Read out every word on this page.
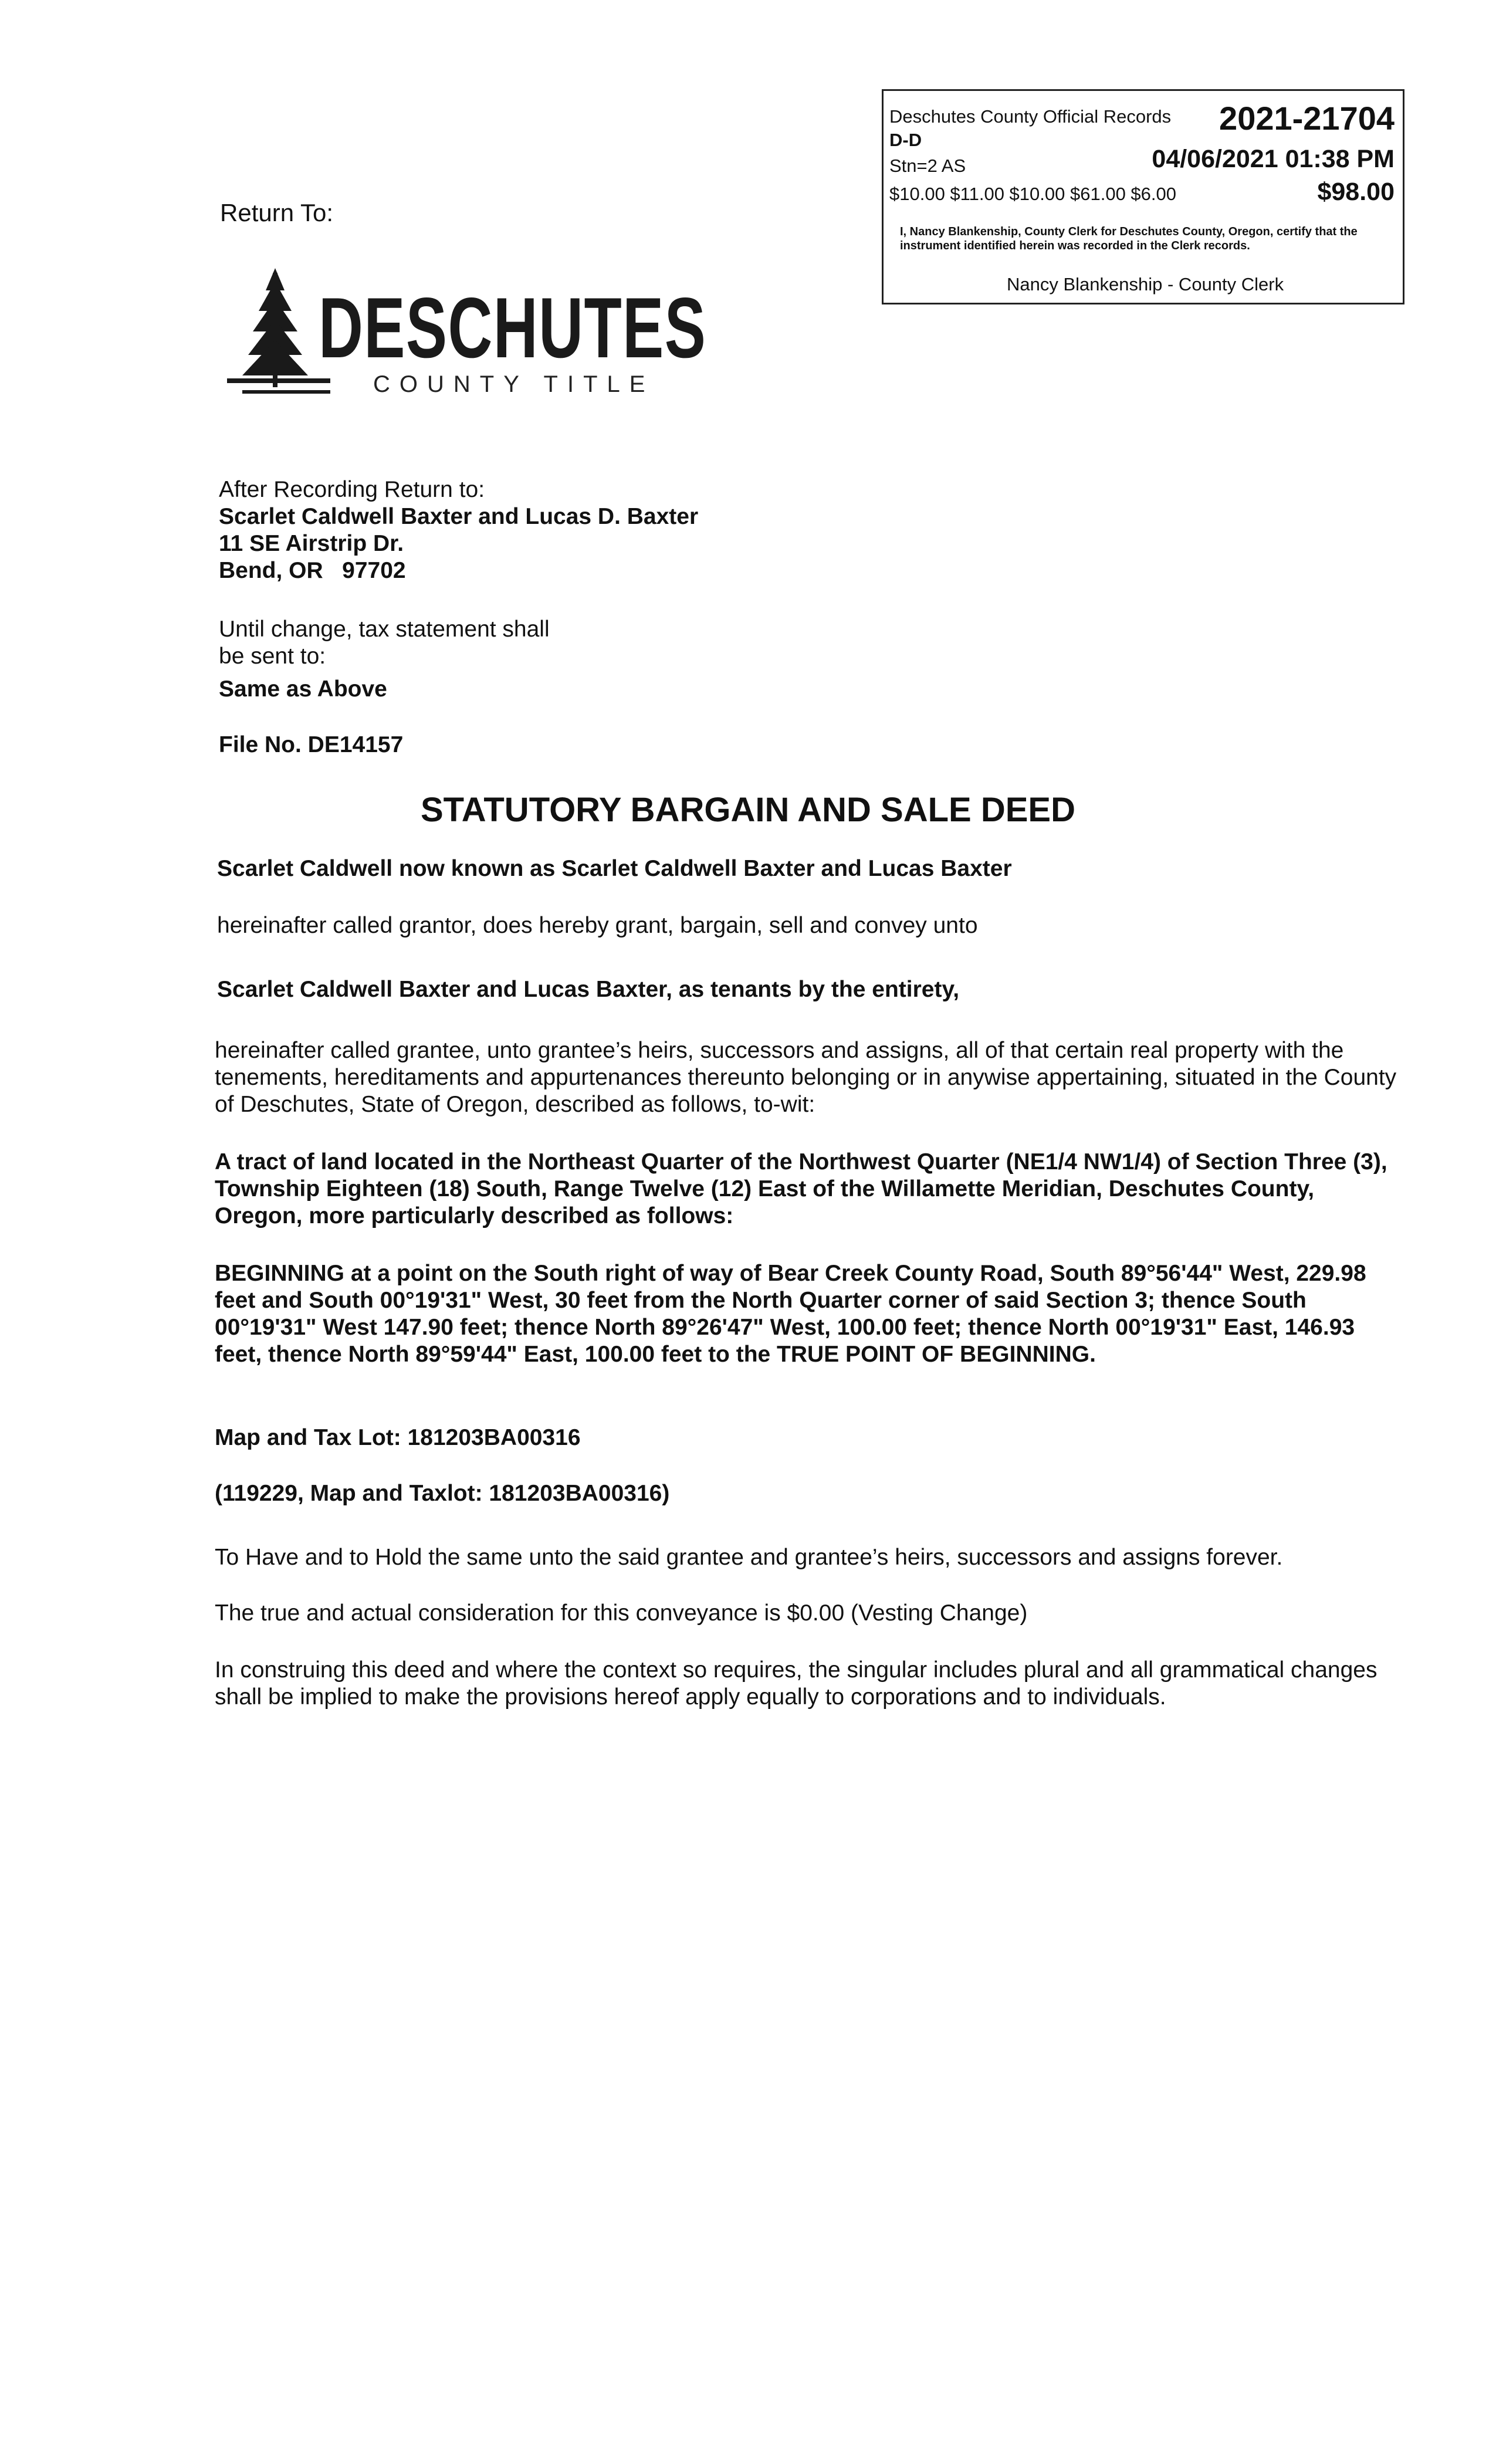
Deschutes County Official Records 2021-21704
D-D
Stn=2 AS	04/06/2021 01:38 PM
$10.00 $11.00 $10.00 $61.00 $6.00	$98.00
I, Nancy Blankenship, County Clerk for Deschutes County, Oregon, certify that the instrument identified herein was recorded in the Clerk records.
Nancy Blankenship - County Clerk
Return To:
DESCHUTES
COUNTY TITLE
After Recording Return to:
Scarlet Caldwell Baxter and Lucas D. Baxter
11 SE Airstrip Dr.
Bend, OR   97702
Until change, tax statement shall
be sent to:
Same as Above
File No. DE14157
STATUTORY BARGAIN AND SALE DEED
Scarlet Caldwell now known as Scarlet Caldwell Baxter and Lucas Baxter
hereinafter called grantor, does hereby grant, bargain, sell and convey unto
Scarlet Caldwell Baxter and Lucas Baxter, as tenants by the entirety,
hereinafter called grantee, unto grantee’s heirs, successors and assigns, all of that certain real property with the tenements, hereditaments and appurtenances thereunto belonging or in anywise appertaining, situated in the County of Deschutes, State of Oregon, described as follows, to-wit:
A tract of land located in the Northeast Quarter of the Northwest Quarter (NE1/4 NW1/4) of Section Three (3), Township Eighteen (18) South, Range Twelve (12) East of the Willamette Meridian, Deschutes County, Oregon, more particularly described as follows:
BEGINNING at a point on the South right of way of Bear Creek County Road, South 89°56'44" West, 229.98 feet and South 00°19'31" West, 30 feet from the North Quarter corner of said Section 3; thence South 00°19'31" West 147.90 feet; thence North 89°26'47" West, 100.00 feet; thence North 00°19'31" East, 146.93 feet, thence North 89°59'44" East, 100.00 feet to the TRUE POINT OF BEGINNING.
Map and Tax Lot: 181203BA00316
(119229, Map and Taxlot: 181203BA00316)
To Have and to Hold the same unto the said grantee and grantee’s heirs, successors and assigns forever.
The true and actual consideration for this conveyance is $0.00 (Vesting Change)
In construing this deed and where the context so requires, the singular includes plural and all grammatical changes shall be implied to make the provisions hereof apply equally to corporations and to individuals.
